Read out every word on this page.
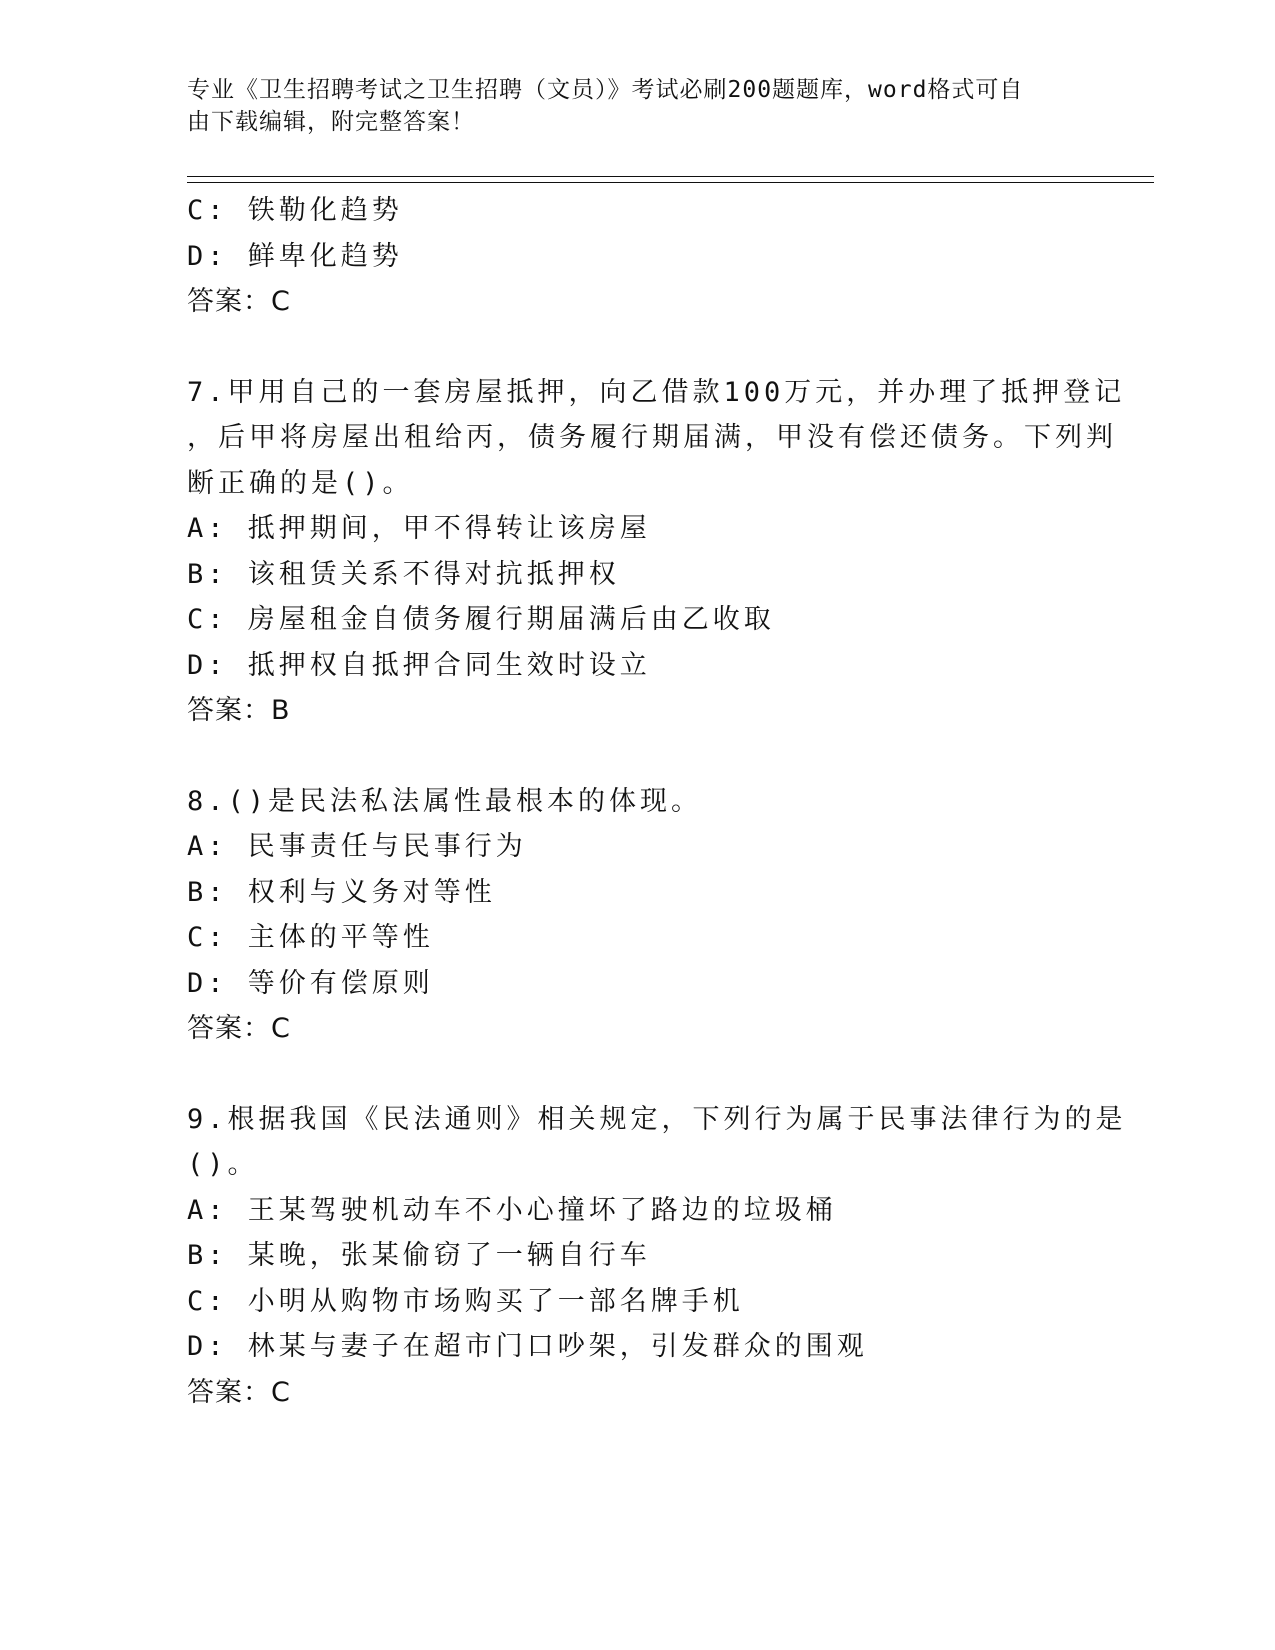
专业《卫生招聘考试之卫生招聘（文员）》考试必刷200题题库，word格式可自
由下载编辑，附完整答案！
C: 铁勒化趋势
D: 鲜卑化趋势
答案：C
7.甲用自己的一套房屋抵押，向乙借款100万元，并办理了抵押登记
，后甲将房屋出租给丙，债务履行期届满，甲没有偿还债务。下列判
断正确的是()。
A: 抵押期间，甲不得转让该房屋
B: 该租赁关系不得对抗抵押权
C: 房屋租金自债务履行期届满后由乙收取
D: 抵押权自抵押合同生效时设立
答案：B
8.()是民法私法属性最根本的体现。
A: 民事责任与民事行为
B: 权利与义务对等性
C: 主体的平等性
D: 等价有偿原则
答案：C
9.根据我国《民法通则》相关规定，下列行为属于民事法律行为的是
()。
A: 王某驾驶机动车不小心撞坏了路边的垃圾桶
B: 某晚，张某偷窃了一辆自行车
C: 小明从购物市场购买了一部名牌手机
D: 林某与妻子在超市门口吵架，引发群众的围观
答案：C
